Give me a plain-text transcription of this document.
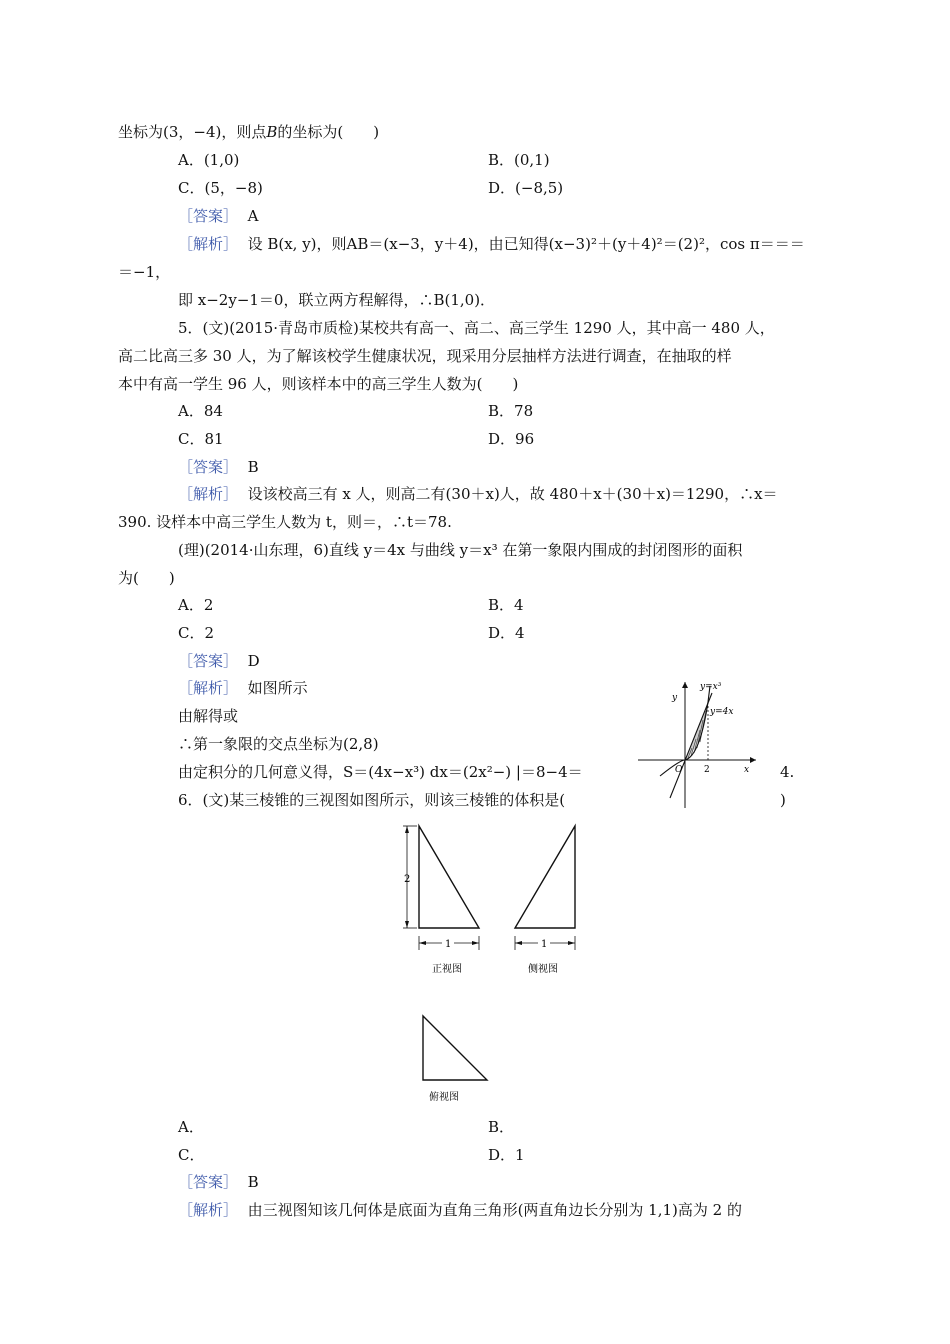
坐标为(3，−4)，则点B的坐标为(　　)
A．(1,0)	B．(0,1)
C．(5，−8)	D．(−8,5)
［答案］ A
［解析］ 设 B(x, y)，则AB＝(x−3，y＋4)，由已知得(x−3)²＋(y＋4)²＝(2)²，cos π＝＝＝
＝−1，
即 x−2y−1＝0，联立两方程解得，∴B(1,0)．
5．(文)(2015·青岛市质检)某校共有高一、高二、高三学生 1290 人，其中高一 480 人，
高二比高三多 30 人，为了解该校学生健康状况，现采用分层抽样方法进行调查，在抽取的样
本中有高一学生 96 人，则该样本中的高三学生人数为(　　)
A．84	B．78
C．81	D．96
［答案］ B
［解析］ 设该校高三有 x 人，则高二有(30＋x)人，故 480＋x＋(30＋x)＝1290，∴x＝
390. 设样本中高三学生人数为 t，则＝，∴t＝78.
(理)(2014·山东理，6)直线 y＝4x 与曲线 y＝x³ 在第一象限内围成的封闭图形的面积
为(　　)
A．2	B．4
C．2	D．4
［答案］ D
［解析］ 如图所示
由解得或
∴第一象限的交点坐标为(2,8)
由定积分的几何意义得，S＝(4x−x³) dx＝(2x²−) |＝8−4＝	4.
y=x³
y=4x
y
x
O 2
6．(文)某三棱锥的三视图如图所示，则该三棱锥的体积是(	)
2
1	1
正视图	侧视图
俯视图
A．	B．
C．	D．1
［答案］ B
［解析］ 由三视图知该几何体是底面为直角三角形(两直角边长分别为 1,1)高为 2 的
